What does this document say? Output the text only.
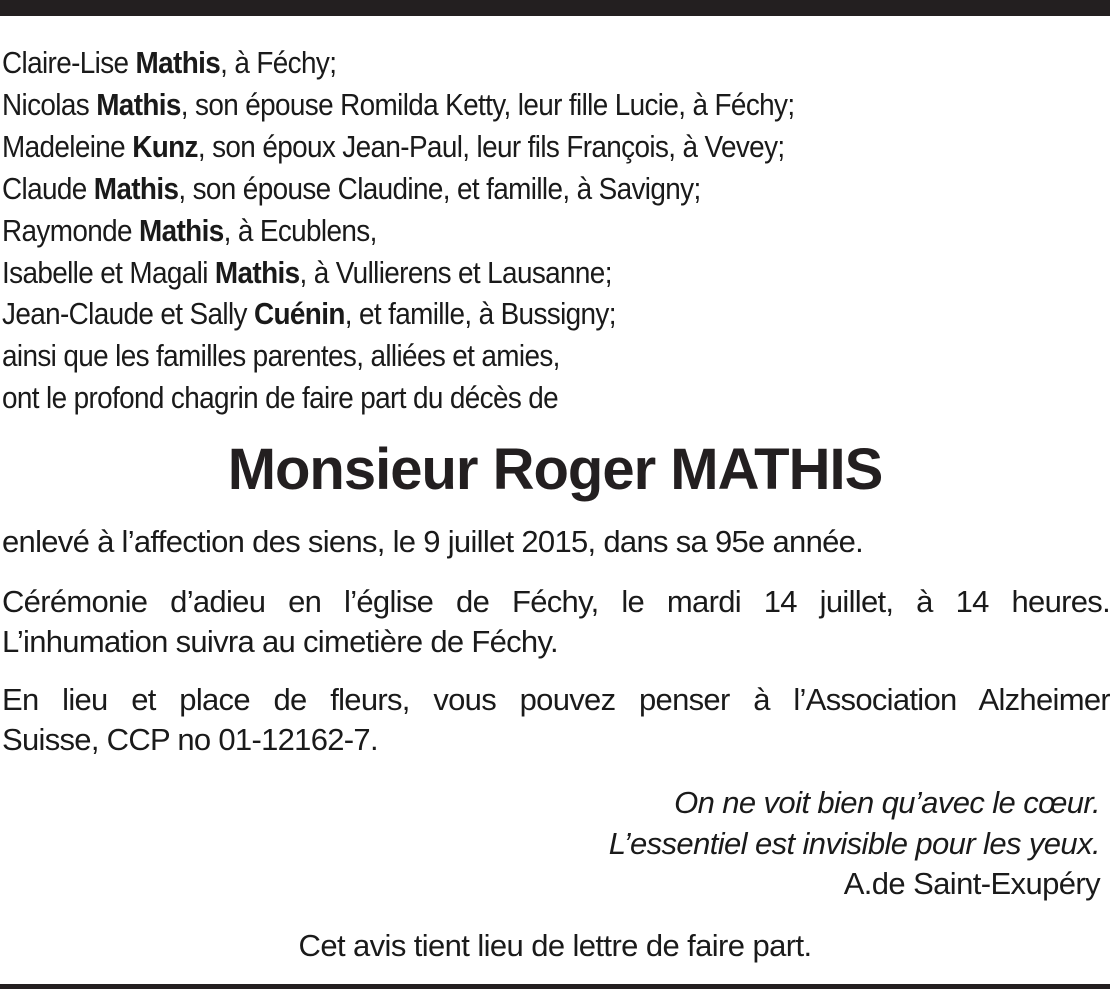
Claire-Lise Mathis, à Féchy;
Nicolas Mathis, son épouse Romilda Ketty, leur fille Lucie, à Féchy;
Madeleine Kunz, son époux Jean-Paul, leur fils François, à Vevey;
Claude Mathis, son épouse Claudine, et famille, à Savigny;
Raymonde Mathis, à Ecublens,
Isabelle et Magali Mathis, à Vullierens et Lausanne;
Jean-Claude et Sally Cuénin, et famille, à Bussigny;
ainsi que les familles parentes, alliées et amies,
ont le profond chagrin de faire part du décès de
Monsieur Roger MATHIS
enlevé à l’affection des siens, le 9 juillet 2015, dans sa 95e année.
Cérémonie d’adieu en l’église de Féchy, le mardi 14 juillet, à 14 heures.
L’inhumation suivra au cimetière de Féchy.
En lieu et place de fleurs, vous pouvez penser à l’Association Alzheimer
Suisse, CCP no 01-12162-7.
On ne voit bien qu’avec le cœur.
L’essentiel est invisible pour les yeux.
A.de Saint-Exupéry
Cet avis tient lieu de lettre de faire part.
